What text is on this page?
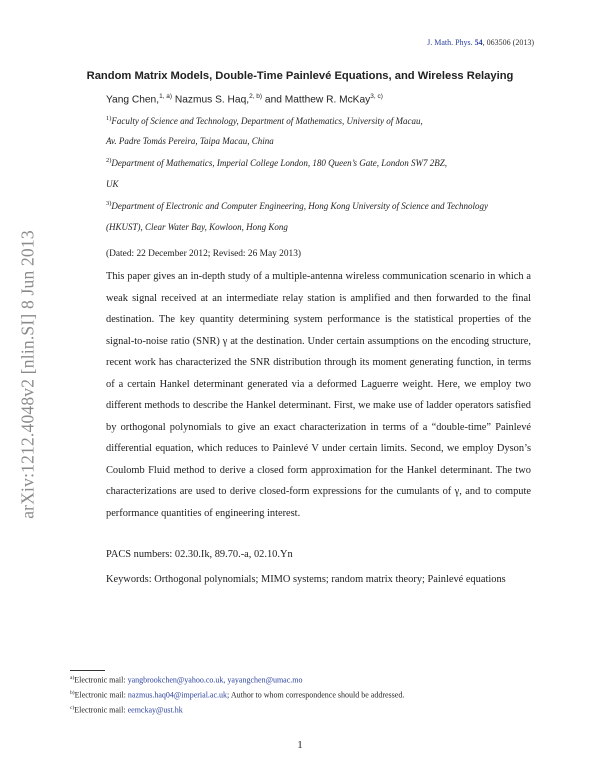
J. Math. Phys. 54, 063506 (2013)
arXiv:1212.4048v2 [nlin.SI] 8 Jun 2013
Random Matrix Models, Double-Time Painlevé Equations, and Wireless Relaying
Yang Chen,$^{1, a)}$ Nazmus S. Haq,$^{2, b)}$ and Matthew R. McKay$^{3, c)}$
$^{1)}$Faculty of Science and Technology, Department of Mathematics, University of Macau,
Av. Padre Tomás Pereira, Taipa Macau, China
$^{2)}$Department of Mathematics, Imperial College London, 180 Queen’s Gate, London SW7 2BZ,
UK
$^{3)}$Department of Electronic and Computer Engineering, Hong Kong University of Science and Technology
(HKUST), Clear Water Bay, Kowloon, Hong Kong
(Dated: 22 December 2012; Revised: 26 May 2013)
This paper gives an in-depth study of a multiple-antenna wireless communication scenario in which a weak signal received at an intermediate relay station is amplified and then forwarded to the final destination. The key quantity determining system performance is the statistical properties of the signal-to-noise ratio (SNR) γ at the destination. Under certain assumptions on the encoding structure, recent work has characterized the SNR distribution through its moment generating function, in terms of a certain Hankel determinant generated via a deformed Laguerre weight. Here, we employ two different methods to describe the Hankel determinant. First, we make use of ladder operators satisfied by orthogonal polynomials to give an exact characterization in terms of a “double-time” Painlevé differential equation, which reduces to Painlevé V under certain limits. Second, we employ Dyson’s Coulomb Fluid method to derive a closed form approximation for the Hankel determinant. The two characterizations are used to derive closed-form expressions for the cumulants of γ, and to compute performance quantities of engineering interest.
PACS numbers: 02.30.Ik, 89.70.-a, 02.10.Yn
Keywords: Orthogonal polynomials; MIMO systems; random matrix theory; Painlevé equations
$^{a)}$Electronic mail: yangbrookchen@yahoo.co.uk, yayangchen@umac.mo
$^{b)}$Electronic mail: nazmus.haq04@imperial.ac.uk; Author to whom correspondence should be addressed.
$^{c)}$Electronic mail: eemckay@ust.hk
1
